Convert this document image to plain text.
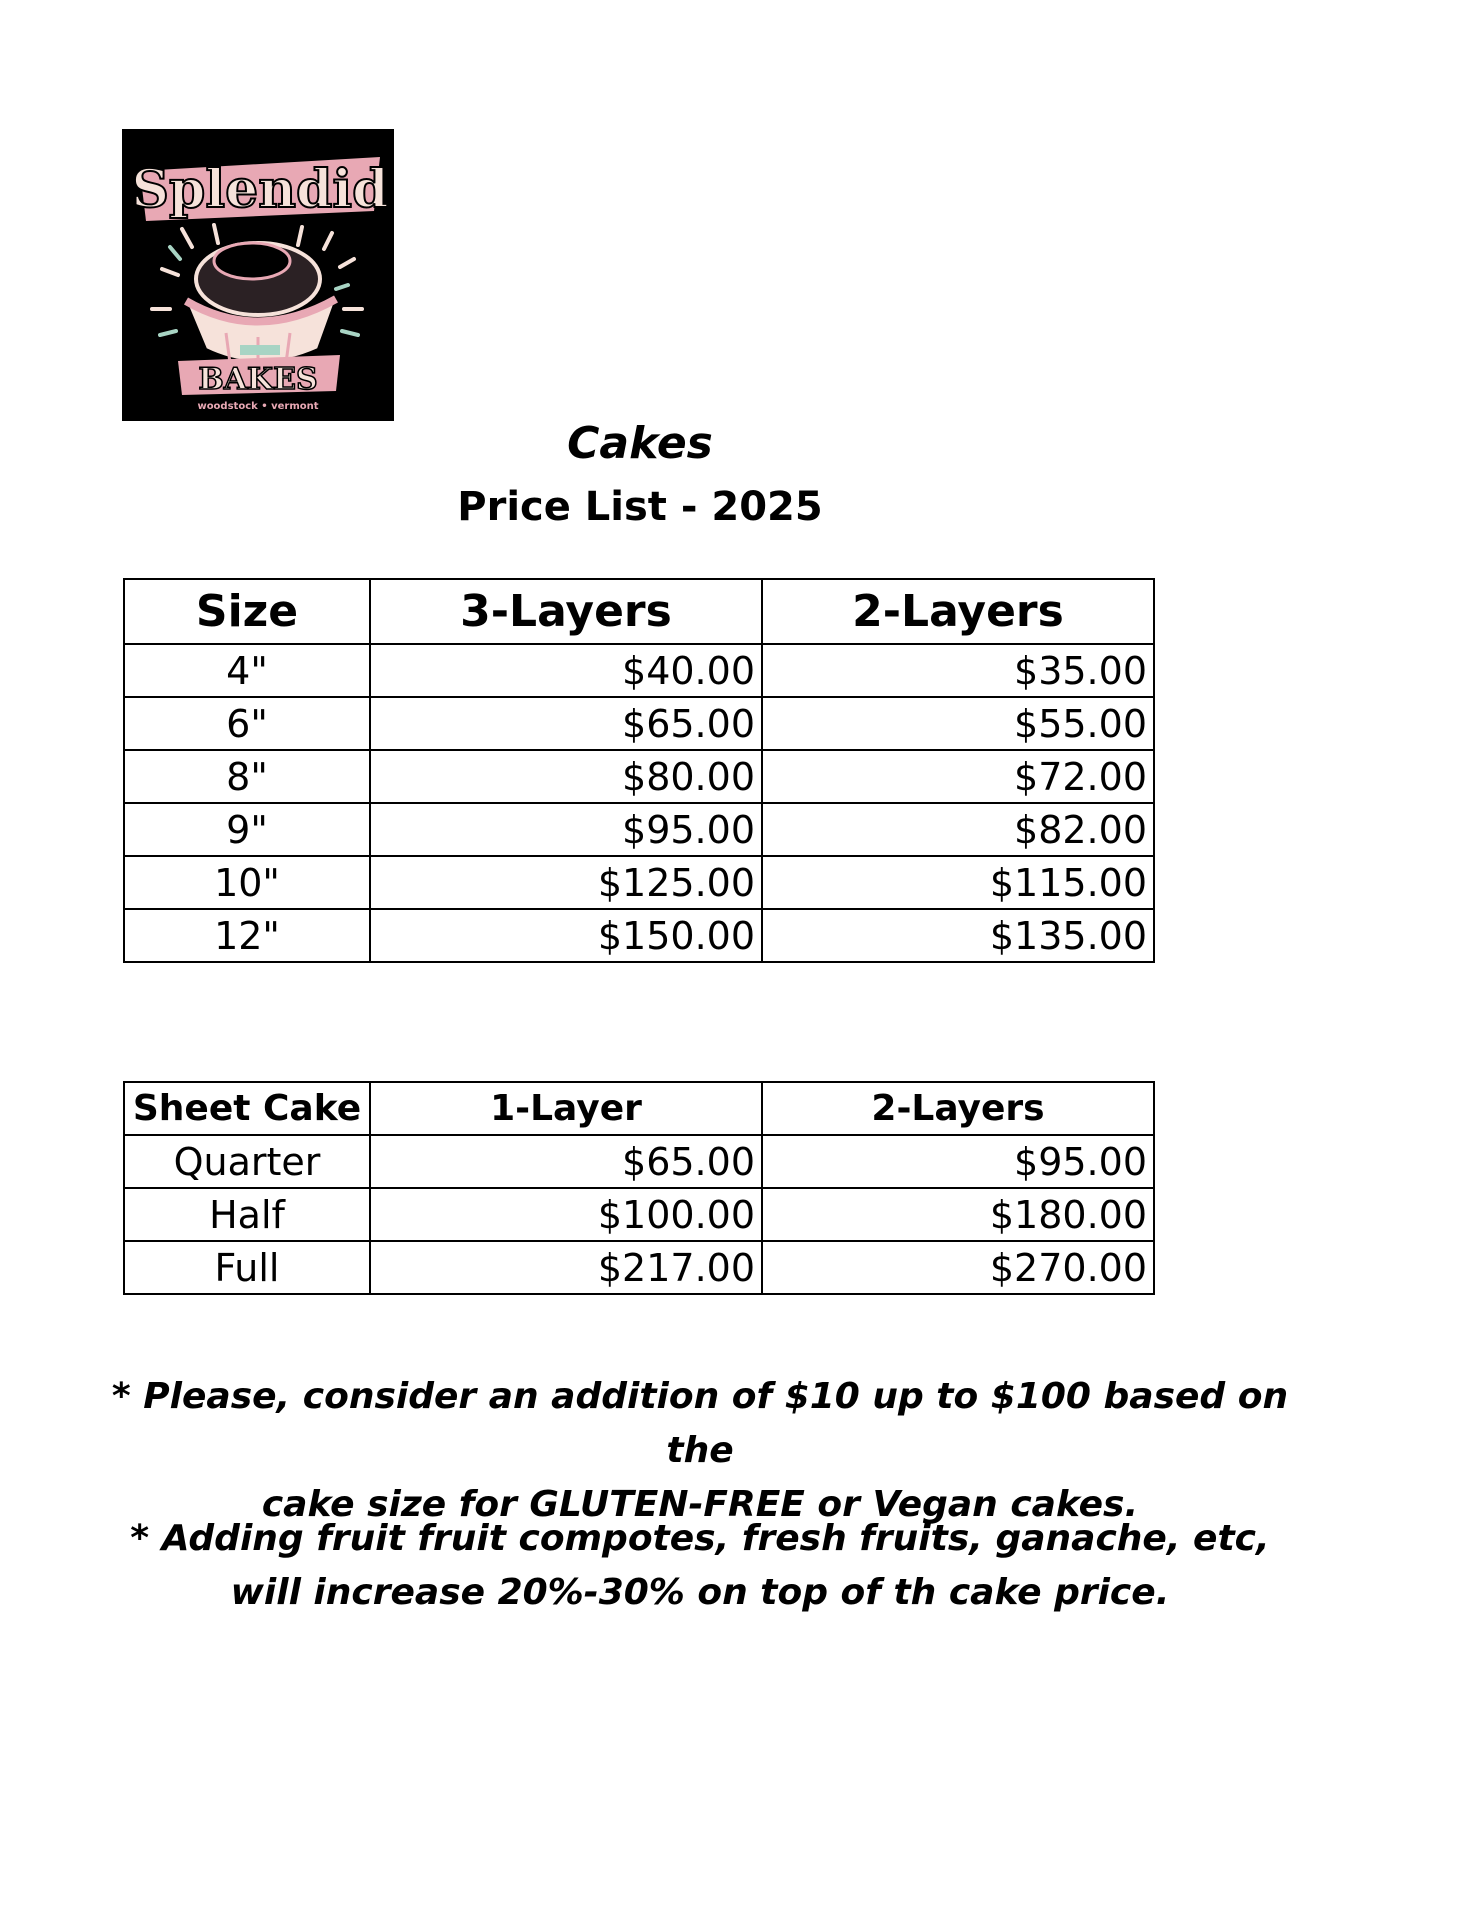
Splendid
BAKES
woodstock • vermont
Cakes
Price List - 2025
Size	3-Layers	2-Layers
4"	$40.00	$35.00
6"	$65.00	$55.00
8"	$80.00	$72.00
9"	$95.00	$82.00
10"	$125.00	$115.00
12"	$150.00	$135.00
Sheet Cake	1-Layer	2-Layers
Quarter	$65.00	$95.00
Half	$100.00	$180.00
Full	$217.00	$270.00
* Please, consider an addition of $10 up to $100 based on the
cake size for GLUTEN-FREE or Vegan cakes.
* Adding fruit fruit compotes, fresh fruits, ganache, etc,
will increase 20%-30% on top of th cake price.
